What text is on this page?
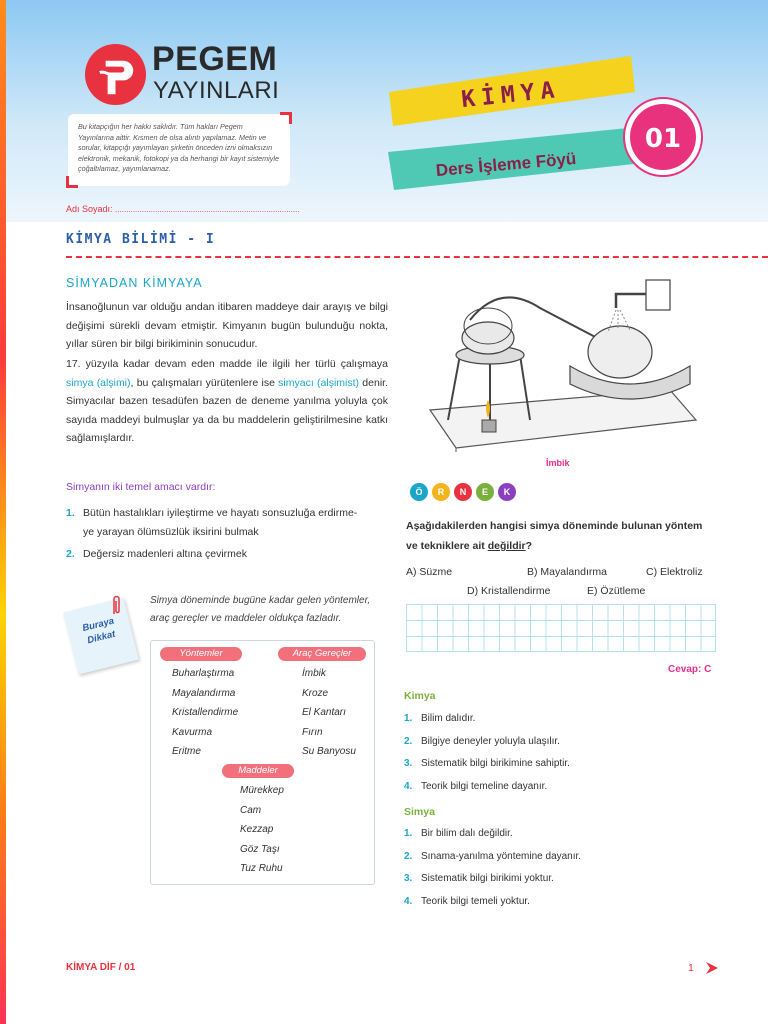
PEGEM
YAYINLARI
Bu kitapçığın her hakkı saklıdır. Tüm hakları Pegem Yayınlarına aittir. Kısmen de olsa alıntı yapılamaz. Metin ve sorular, kitapçığı yayımlayan şirketin önceden izni olmaksızın elektronik, mekanik, fotokopi ya da herhangi bir kayıt sistemiyle çoğaltılamaz, yayımlanamaz.
Adı Soyadı: ...................................................................................
KİMYA
Ders İşleme Föyü
01
KİMYA BİLİMİ - I
SİMYADAN KİMYAYA

İnsanoğlunun var olduğu andan itibaren maddeye dair arayış ve bilgi değişimi sürekli devam etmiştir. Kimyanın bugün bulunduğu nokta, yıllar süren bir bilgi birikiminin sonucudur.

17. yüzyıla kadar devam eden madde ile ilgili her türlü çalışmaya simya (alşimi), bu çalışmaları yürütenlere ise simyacı (alşimist) denir. Simyacılar bazen tesadüfen bazen de deneme yanılma yoluyla çok sayıda maddeyi bulmuşlar ya da bu maddelerin geliştirilmesine katkı sağlamışlardır.

Simyanın iki temel amacı vardır:
1. Bütün hastalıkları iyileştirme ve hayatı sonsuzluğa erdirme-
ye yarayan ölümsüzlük iksirini bulmak
2. Değersiz madenleri altına çevirmek
Buraya
Dikkat
Simya döneminde bugüne kadar gelen yöntemler, araç gereçler ve maddeler oldukça fazladır.
Yöntemler	Araç Gereçler
Maddeler
Buharlaştırma
Mayalandırma
Kristallendirme
Kavurma
Eritme
İmbik
Kroze
El Kantarı
Fırın
Su Banyosu
Mürekkep
Cam
Kezzap
Göz Taşı
Tuz Ruhu
İmbik
Ö R N E K
Aşağıdakilerden hangisi simya döneminde bulunan yöntem ve tekniklere ait değildir?
A) Süzme	B) Mayalandırma	C) Elektroliz
D) Kristallendirme	E) Özütleme
Cevap: C
Kimya
1. Bilim dalıdır.
2. Bilgiye deneyler yoluyla ulaşılır.
3. Sistematik bilgi birikimine sahiptir.
4. Teorik bilgi temeline dayanır.
Simya
1. Bir bilim dalı değildir.
2. Sınama-yanılma yöntemine dayanır.
3. Sistematik bilgi birikimi yoktur.
4. Teorik bilgi temeli yoktur.
KİMYA DİF / 01	1
